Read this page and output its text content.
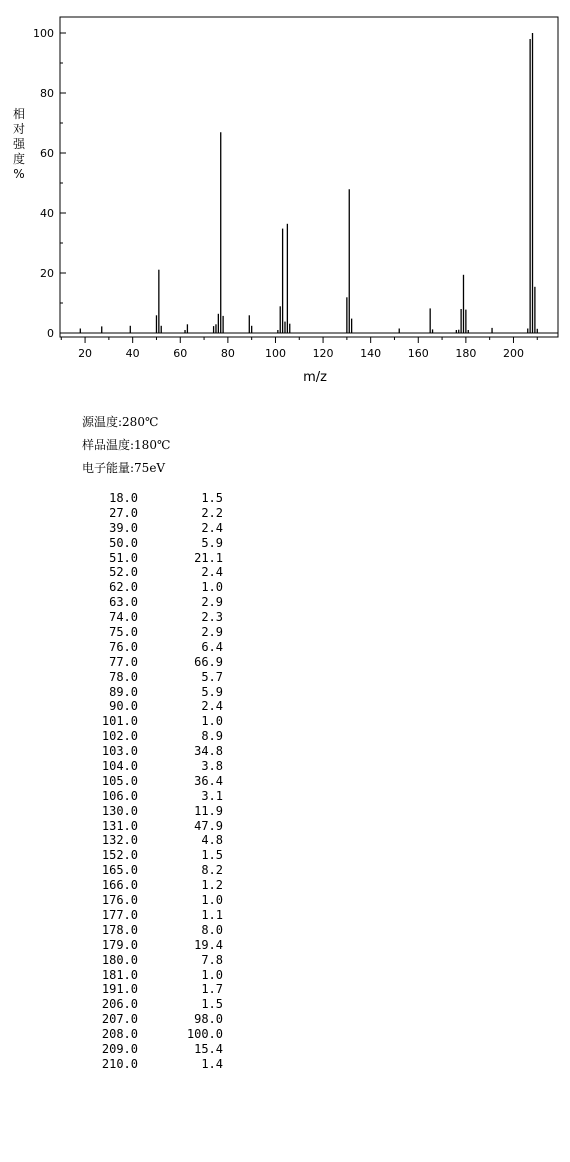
0
20
40
60
80
100
20	40	60	80	100 120 140 160 180 200
相对强度%
m/z
源温度:280℃
样品温度:180℃
电子能量:75eV
18.0	1.5
27.0	2.2
39.0	2.4
50.0	5.9
51.0	21.1
52.0	2.4
62.0	1.0
63.0	2.9
74.0	2.3
75.0	2.9
76.0	6.4
77.0	66.9
78.0	5.7
89.0	5.9
90.0	2.4
101.0	1.0
102.0	8.9
103.0	34.8
104.0	3.8
105.0	36.4
106.0	3.1
130.0	11.9
131.0	47.9
132.0	4.8
152.0	1.5
165.0	8.2
166.0	1.2
176.0	1.0
177.0	1.1
178.0	8.0
179.0	19.4
180.0	7.8
181.0	1.0
191.0	1.7
206.0	1.5
207.0	98.0
208.0	100.0
209.0	15.4
210.0	1.4
